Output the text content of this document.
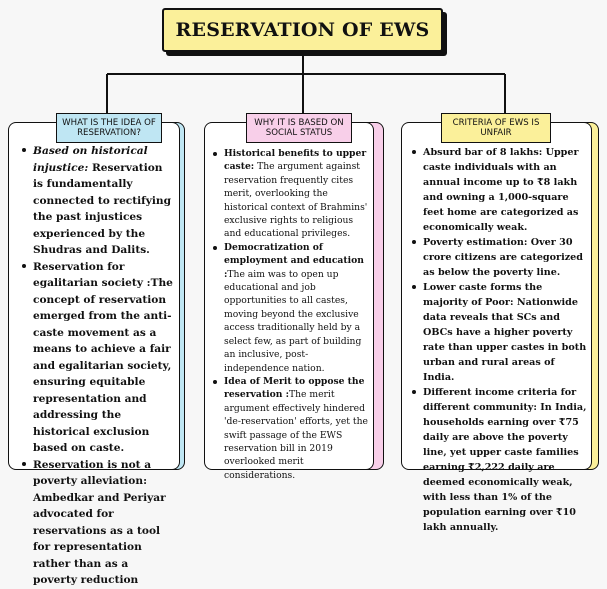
RESERVATION OF EWS
Based on historical injustice: Reservation is fundamentally connected to rectifying the past injustices experienced by the Shudras and Dalits.
Reservation for egalitarian society :The concept of reservation emerged from the anti-caste movement as a means to achieve a fair and egalitarian society, ensuring equitable representation and addressing the historical exclusion based on caste.
Reservation is not a poverty alleviation: Ambedkar and Periyar advocated for reservations as a tool for representation rather than as a poverty reduction
WHAT IS THE IDEA OF RESERVATION?
Historical benefits to upper caste: The argument against reservation frequently cites merit, overlooking the historical context of Brahmins' exclusive rights to religious and educational privileges.
Democratization of employment and education :The aim was to open up educational and job opportunities to all castes, moving beyond the exclusive access traditionally held by a select few, as part of building an inclusive, post-independence nation.
Idea of Merit to oppose the reservation :The merit argument effectively hindered 'de-reservation' efforts, yet the swift passage of the EWS reservation bill in 2019 overlooked merit considerations.
WHY IT IS BASED ON SOCIAL STATUS
Absurd bar of 8 lakhs: Upper caste individuals with an annual income up to ₹8 lakh and owning a 1,000-square feet home are categorized as economically weak.
Poverty estimation: Over 30 crore citizens are categorized as below the poverty line.
Lower caste forms the majority of Poor: Nationwide data reveals that SCs and OBCs have a higher poverty rate than upper castes in both urban and rural areas of India.
Different income criteria for different community: In India, households earning over ₹75 daily are above the poverty line, yet upper caste families earning ₹2,222 daily are deemed economically weak, with less than 1% of the population earning over ₹10 lakh annually.
CRITERIA OF EWS IS UNFAIR
